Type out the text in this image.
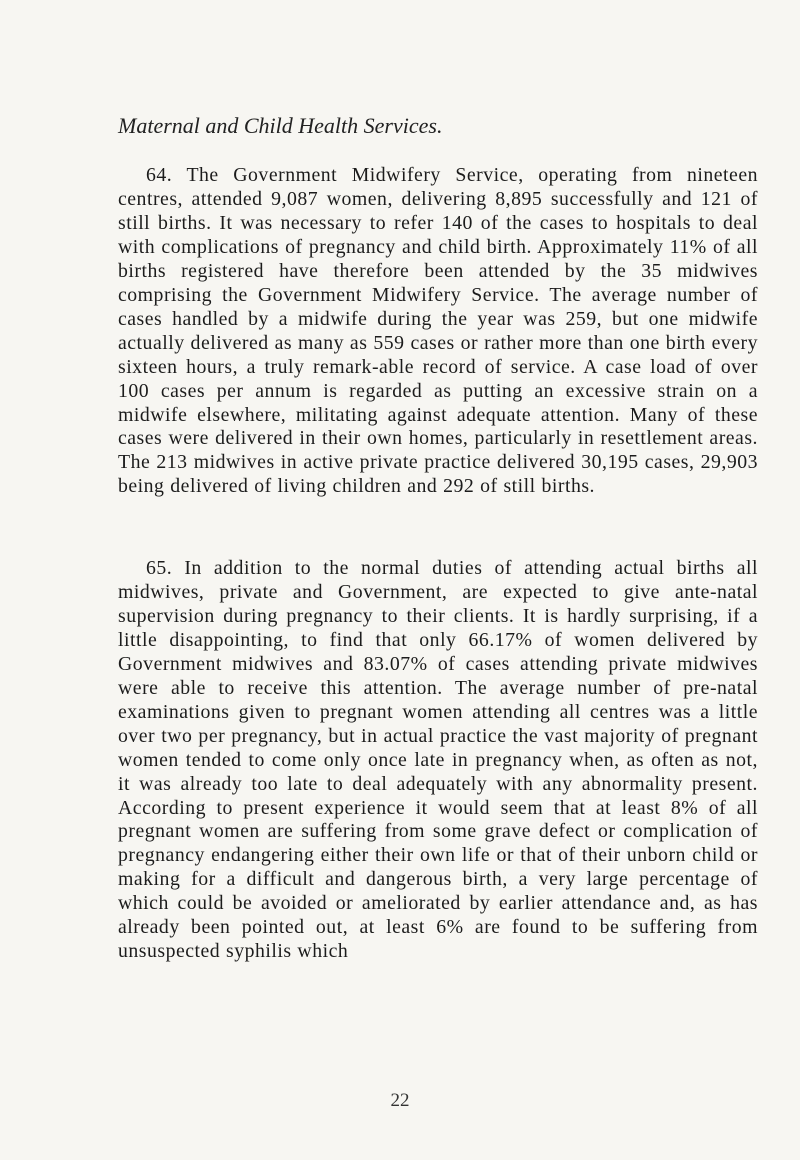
Maternal and Child Health Services.

64. The Government Midwifery Service, operating from nineteen centres, attended 9,087 women, delivering 8,895 successfully and 121 of still births. It was necessary to refer 140 of the cases to hospitals to deal with complications of pregnancy and child birth. Approximately 11% of all births registered have therefore been attended by the 35 midwives comprising the Government Midwifery Service. The average number of cases handled by a midwife during the year was 259, but one midwife actually delivered as many as 559 cases or rather more than one birth every sixteen hours, a truly remark-able record of service. A case load of over 100 cases per annum is regarded as putting an excessive strain on a midwife elsewhere, militating against adequate attention. Many of these cases were delivered in their own homes, particularly in resettlement areas. The 213 midwives in active private practice delivered 30,195 cases, 29,903 being delivered of living children and 292 of still births.

65. In addition to the normal duties of attending actual births all midwives, private and Government, are expected to give ante-natal supervision during pregnancy to their clients. It is hardly surprising, if a little disappointing, to find that only 66.17% of women delivered by Government midwives and 83.07% of cases attending private midwives were able to receive this attention. The average number of pre-natal examinations given to pregnant women attending all centres was a little over two per pregnancy, but in actual practice the vast majority of pregnant women tended to come only once late in pregnancy when, as often as not, it was already too late to deal adequately with any abnormality present. According to present experience it would seem that at least 8% of all pregnant women are suffering from some grave defect or complication of pregnancy endangering either their own life or that of their unborn child or making for a difficult and dangerous birth, a very large percentage of which could be avoided or ameliorated by earlier attendance and, as has already been pointed out, at least 6% are found to be suffering from unsuspected syphilis which

22
